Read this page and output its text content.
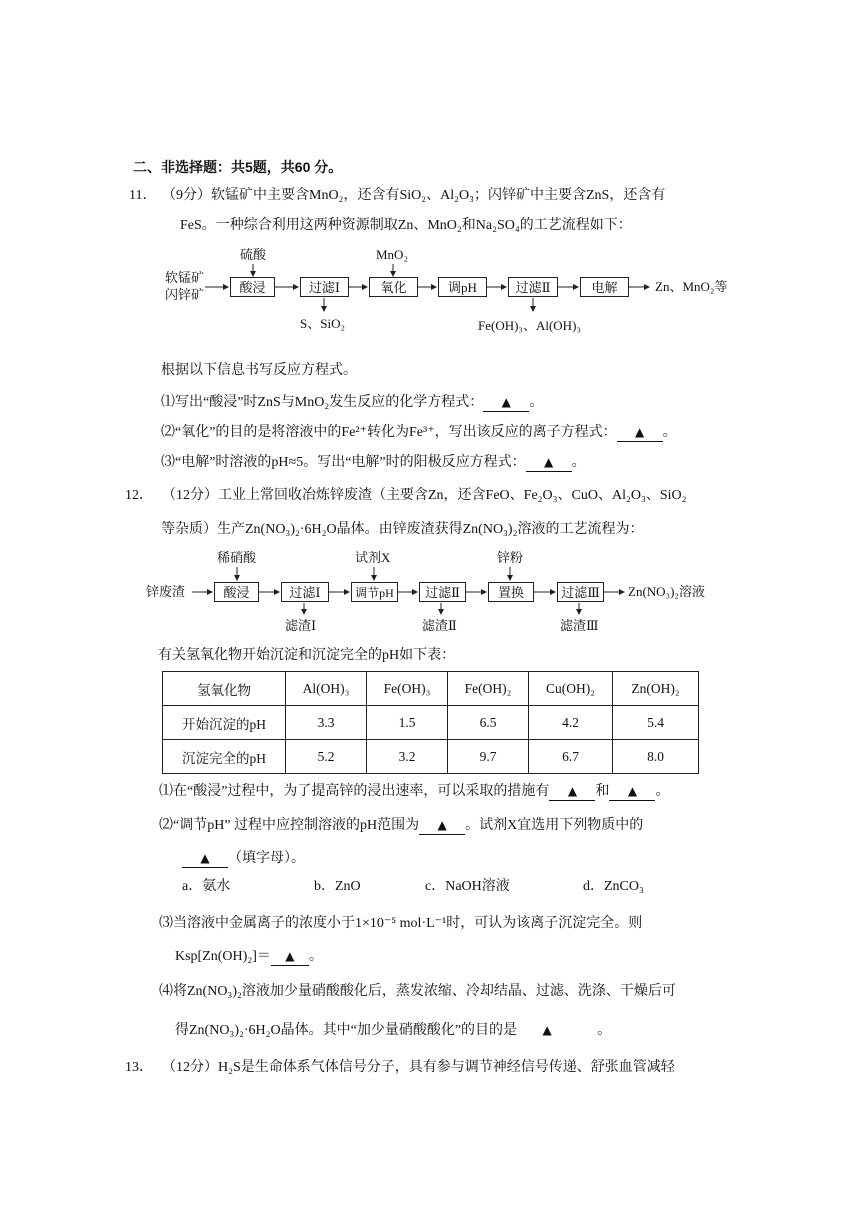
二、非选择题：共5题，共60 分。
11． （9分）软锰矿中主要含MnO₂，还含有SiO₂、Al₂O₃；闪锌矿中主要含ZnS，还含有
FeS。一种综合利用这两种资源制取Zn、MnO₂和Na₂SO₄的工艺流程如下：
软锰矿
闪锌矿
硫酸	MnO₂
酸浸	过滤Ⅰ	氧化	调pH	过滤Ⅱ	电解	Zn、MnO₂等
S、SiO₂	Fe(OH)₃、Al(OH)₃
根据以下信息书写反应方程式。
⑴写出“酸浸”时ZnS与MnO₂发生反应的化学方程式： ▲ 。
⑵“氧化”的目的是将溶液中的Fe²⁺转化为Fe³⁺，写出该反应的离子方程式： ▲ 。
⑶“电解”时溶液的pH≈5。写出“电解”时的阳极反应方程式： ▲ 。
12． （12分）工业上常回收冶炼锌废渣（主要含Zn，还含FeO、Fe₂O₃、CuO、Al₂O₃、SiO₂
等杂质）生产Zn(NO₃)₂·6H₂O晶体。由锌废渣获得Zn(NO₃)₂溶液的工艺流程为：
锌废渣
稀硝酸	试剂X	锌粉
酸浸	过滤Ⅰ	调节pH	过滤Ⅱ	置换	过滤Ⅲ	Zn(NO₃)₂溶液
滤渣Ⅰ	滤渣Ⅱ	滤渣Ⅲ
有关氢氧化物开始沉淀和沉淀完全的pH如下表：
氢氧化物	Al(OH)₃	Fe(OH)₃	Fe(OH)₂	Cu(OH)₂	Zn(OH)₂
开始沉淀的pH	3.3	1.5	6.5	4.2	5.4
沉淀完全的pH	5.2	3.2	9.7	6.7	8.0
⑴在“酸浸”过程中，为了提高锌的浸出速率，可以采取的措施有 ▲ 和 ▲ 。
⑵“调节pH” 过程中应控制溶液的pH范围为 ▲ 。试剂X宜选用下列物质中的
▲ （填字母）。
a．氨水	b．ZnO	c．NaOH溶液	d．ZnCO₃
⑶当溶液中金属离子的浓度小于1×10⁻⁵ mol·L⁻¹时，可认为该离子沉淀完全。则
Ksp[Zn(OH)₂]＝ ▲ 。
⑷将Zn(NO₃)₂溶液加少量硝酸酸化后，蒸发浓缩、冷却结晶、过滤、洗涤、干燥后可
得Zn(NO₃)₂·6H₂O晶体。其中“加少量硝酸酸化”的目的是 ▲	。
13． （12分）H₂S是生命体系气体信号分子，具有参与调节神经信号传递、舒张血管减轻
